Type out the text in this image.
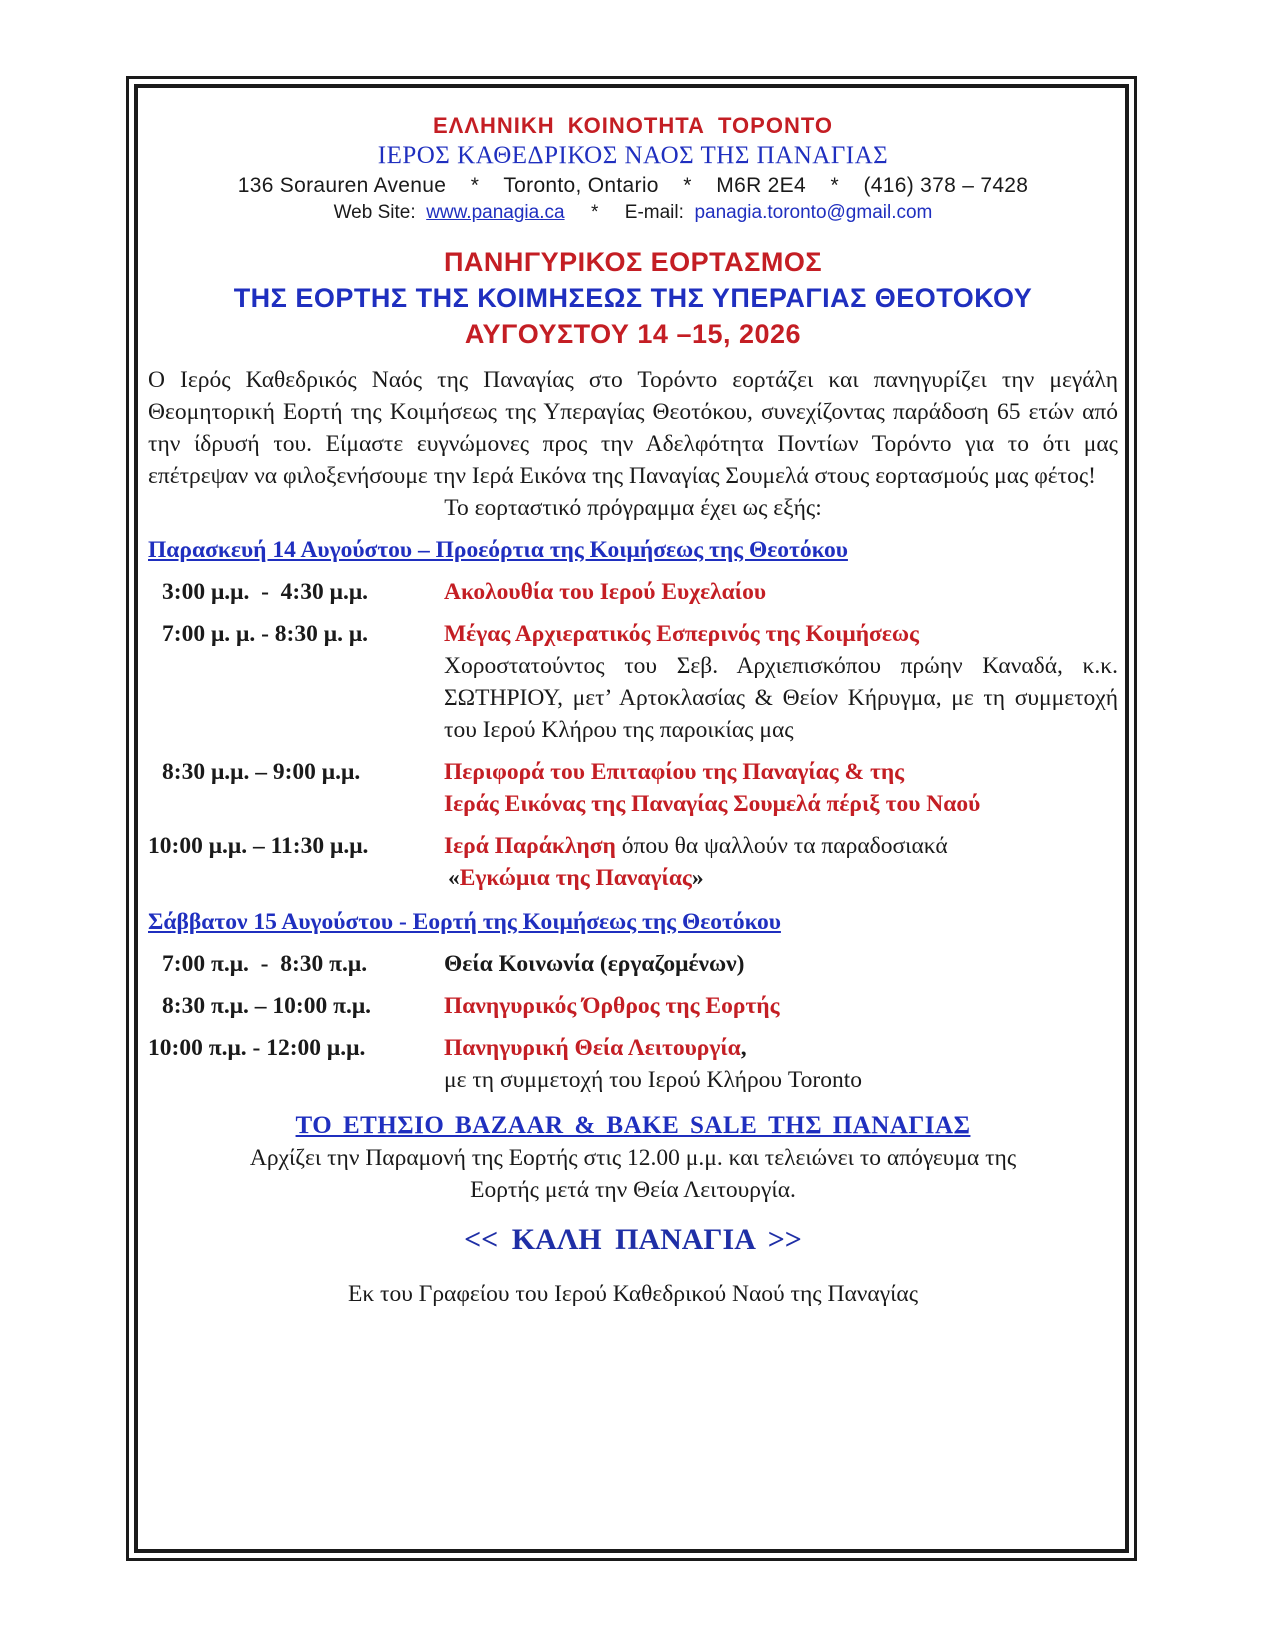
ΕΛΛΗΝΙΚΗ ΚΟΙΝΟΤΗΤΑ ΤΟΡΟΝΤΟ
ΙΕΡΟΣ ΚΑΘΕΔΡΙΚΟΣ ΝΑΟΣ ΤΗΣ ΠΑΝΑΓΙΑΣ
136 Sorauren Avenue    *    Toronto, Ontario    *    M6R 2E4    *    (416) 378 – 7428
Web Site: www.panagia.ca * E-mail: panagia.toronto@gmail.com
ΠΑΝΗΓΥΡΙΚΟΣ ΕΟΡΤΑΣΜΟΣ
ΤΗΣ ΕΟΡΤΗΣ ΤΗΣ ΚΟΙΜΗΣΕΩΣ ΤΗΣ ΥΠΕΡΑΓΙΑΣ ΘΕΟΤΟΚΟΥ
ΑΥΓΟΥΣΤΟΥ 14 –15, 2026
Ο Ιερός Καθεδρικός Ναός της Παναγίας στο Τορόντο εορτάζει και πανηγυρίζει την μεγάλη Θεομητορική Εορτή της Κοιμήσεως της Υπεραγίας Θεοτόκου, συνεχίζοντας παράδοση 65 ετών από την ίδρυσή του. Είμαστε ευγνώμονες προς την Αδελφότητα Ποντίων Τορόντο για το ότι μας επέτρεψαν να φιλοξενήσουμε την Ιερά Εικόνα της Παναγίας Σουμελά στους εορτασμούς μας φέτος!
Το εορταστικό πρόγραμμα έχει ως εξής:
Παρασκευή 14 Αυγούστου – Προεόρτια της Κοιμήσεως της Θεοτόκου
3:00 μ.μ.  -  4:30 μ.μ.	Ακολουθία του Ιερού Ευχελαίου
7:00 μ. μ. - 8:30 μ. μ.	Μέγας Αρχιερατικός Εσπερινός της Κοιμήσεως
Χοροστατούντος του Σεβ. Αρχιεπισκόπου πρώην Καναδά, κ.κ. ΣΩΤΗΡΙΟΥ, μετ’ Αρτοκλασίας & Θείον Κήρυγμα, με τη συμμετοχή του Ιερού Κλήρου της παροικίας μας
8:30 μ.μ. – 9:00 μ.μ.	Περιφορά του Επιταφίου της Παναγίας & της
Ιεράς Εικόνας της Παναγίας Σουμελά πέριξ του Ναού
10:00 μ.μ. – 11:30 μ.μ.	Ιερά Παράκληση όπου θα ψαλλούν τα παραδοσιακά
«Εγκώμια της Παναγίας»
Σάββατον 15 Αυγούστου - Εορτή της Κοιμήσεως της Θεοτόκου
7:00 π.μ.  -  8:30 π.μ.	Θεία Κοινωνία (εργαζομένων)
8:30 π.μ. – 10:00 π.μ.	Πανηγυρικός Όρθρος της Εορτής
10:00 π.μ. - 12:00 μ.μ.	Πανηγυρική Θεία Λειτουργία,
με τη συμμετοχή του Ιερού Κλήρου Toronto
ΤΟ ΕΤΗΣΙΟ BAZAAR & BAKE SALE ΤΗΣ ΠΑΝΑΓΙΑΣ
Αρχίζει την Παραμονή της Εορτής στις 12.00 μ.μ. και τελειώνει το απόγευμα της
Εορτής μετά την Θεία Λειτουργία.
<< ΚΑΛΗ ΠΑΝΑΓΙΑ >>
Εκ του Γραφείου του Ιερού Καθεδρικού Ναού της Παναγίας
